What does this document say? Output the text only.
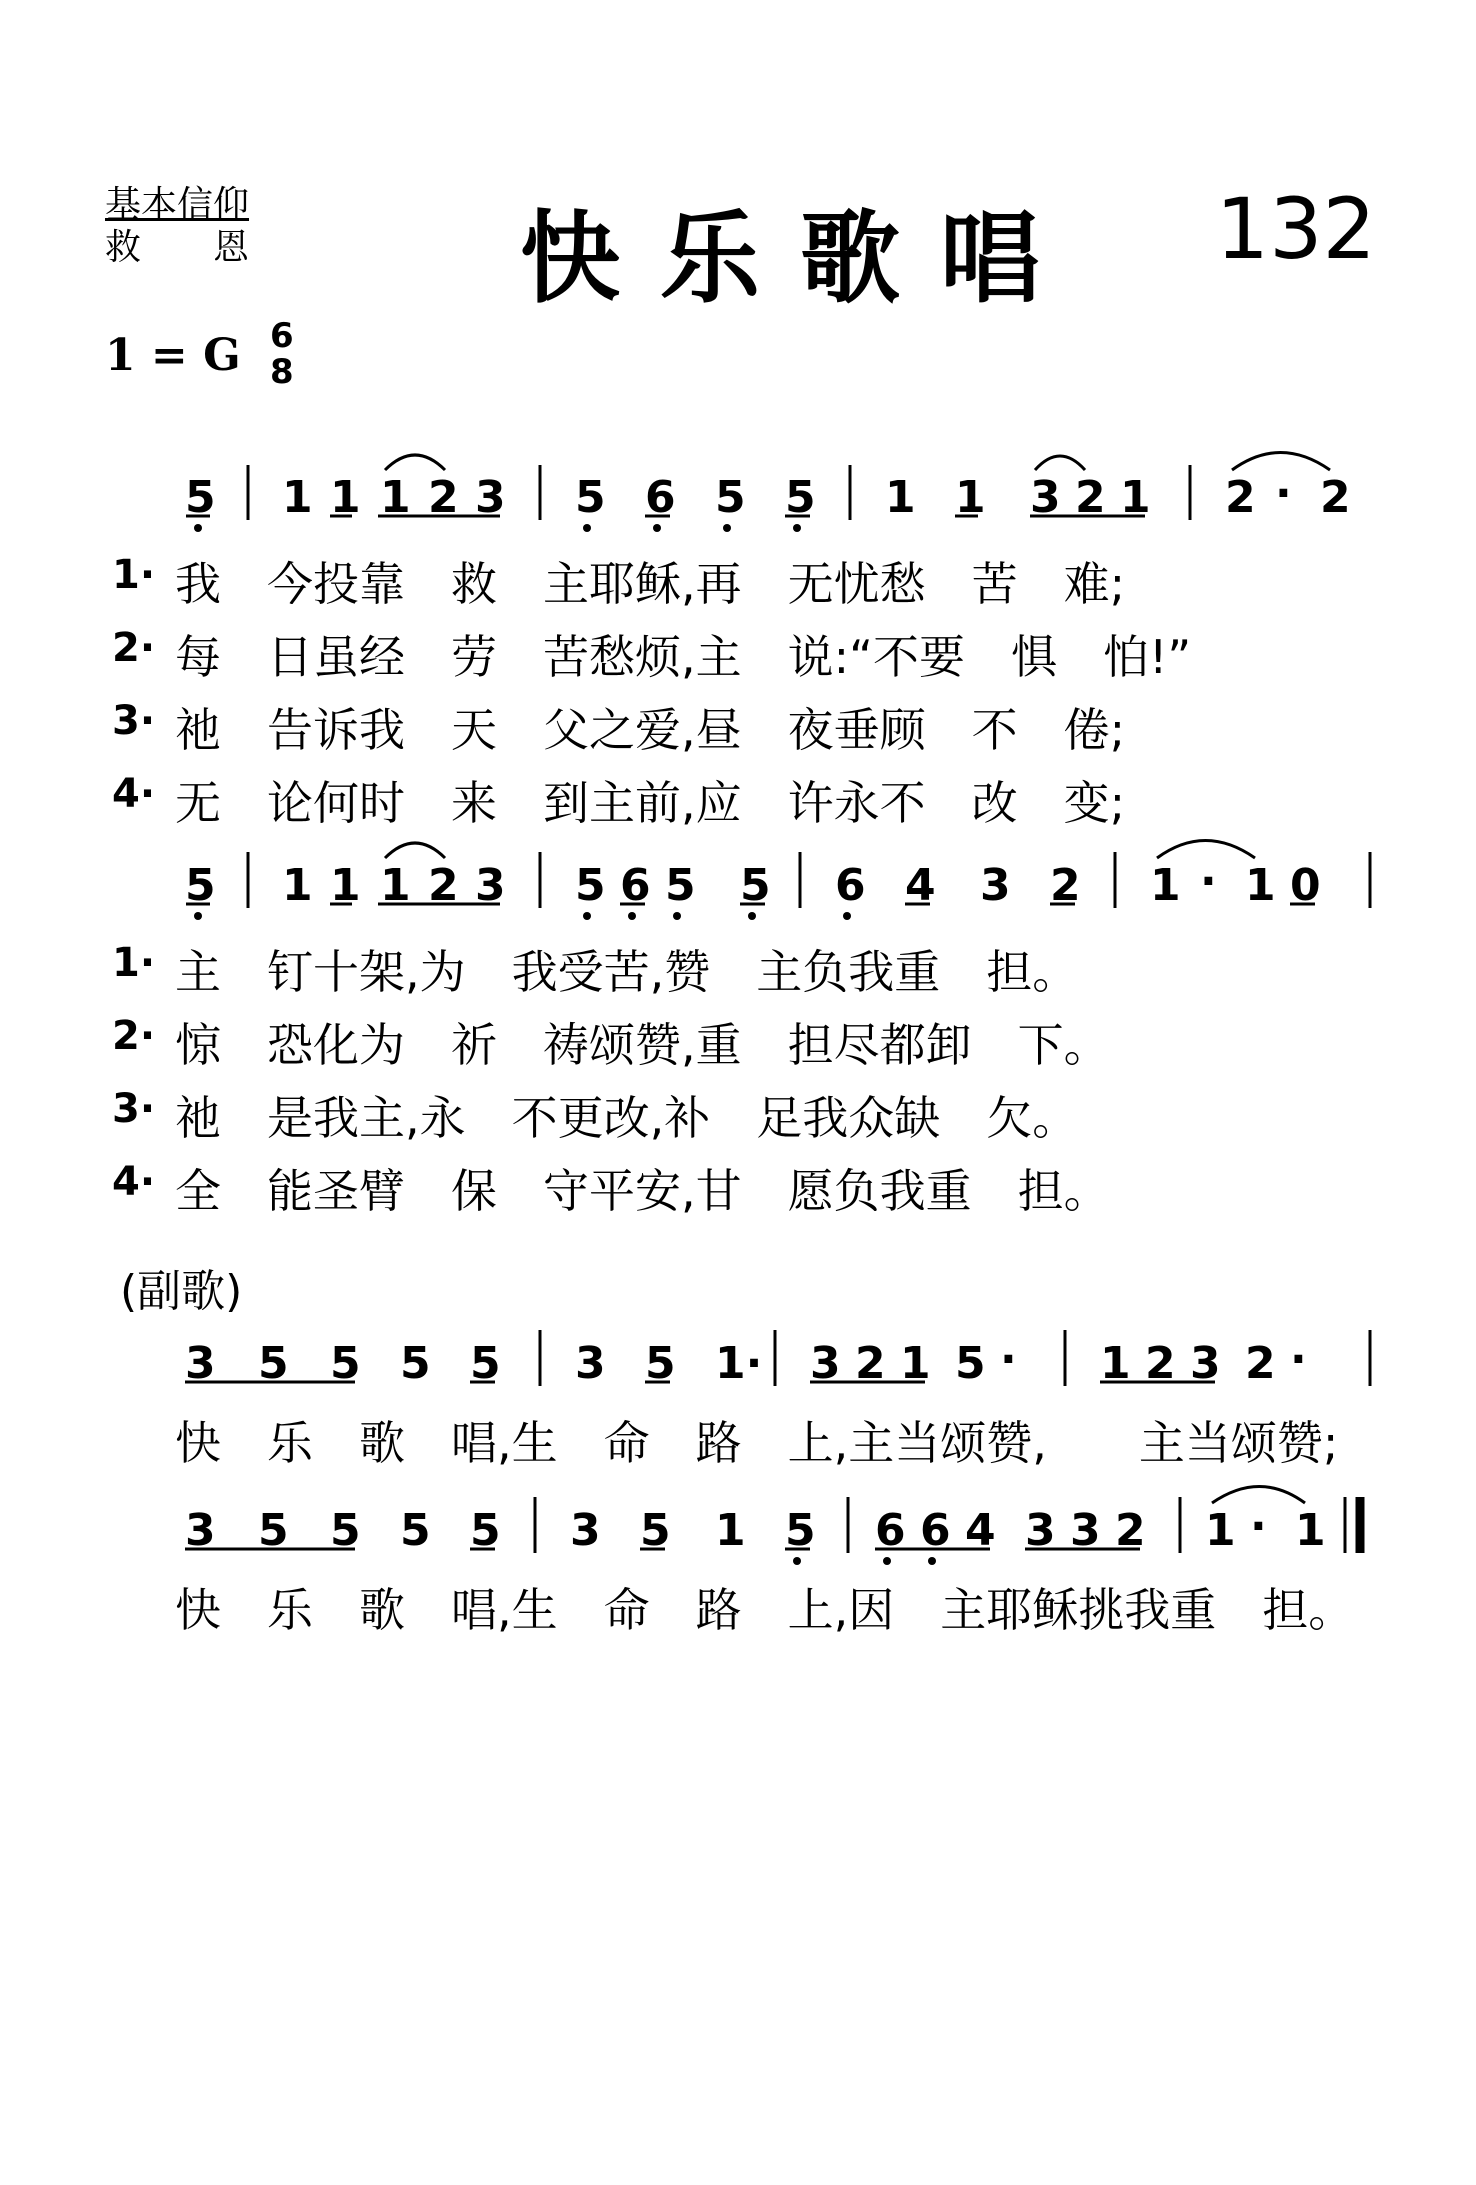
基本信仰
救　　恩	快乐歌唱 132
1 = G 6
8
5 1 1 1 2 3 5 6 5 5 1 1 3 2 1 2 · 2
5 1 1 1 2 3 5 6 5 5 6 4 3 2 1 · 1 0
3 5 5 5 5 3 5 1· 3 2 1 5 · 1 2 3 2 ·
3 5 5 5 5 3 5 1 5 6 6 4 3 3 2 1 · 1
5 | 1 1 1 2 3 | 5 6 5 5 | 1 1 3 2 1 | 2 · 2 5 | 1 1 1 2 3 | 5 6 5 5 | 6 4 3 2 | 1 · 1 0 | 3 5 5 5 5 | 3 5 1· | 3 2 1 5 · | 1 2 3 2 · | 3 5 5 5 5 | 3 5 1 5 | 6 6 4 3 3 2 | 1 · 1 ||
1· 我　今投靠　救　主耶稣,再　无忧愁　苦　难;
2· 每　日虽经　劳　苦愁烦,主　说:“不要　惧　怕!”
3· 祂　告诉我　天　父之爱,昼　夜垂顾　不　倦;
4· 无　论何时　来　到主前,应　许永不　改　变;
1· 主　钉十架,为　我受苦,赞　主负我重　担。
2· 惊　恐化为　祈　祷颂赞,重　担尽都卸　下。
3· 祂　是我主,永　不更改,补　足我众缺　欠。
4· 全　能圣臂　保　守平安,甘　愿负我重　担。
(副歌)
快　乐　歌　唱,生　命　路　上,主当颂赞,　　主当颂赞;
快　乐　歌　唱,生　命　路　上,因　主耶稣挑我重　担。
